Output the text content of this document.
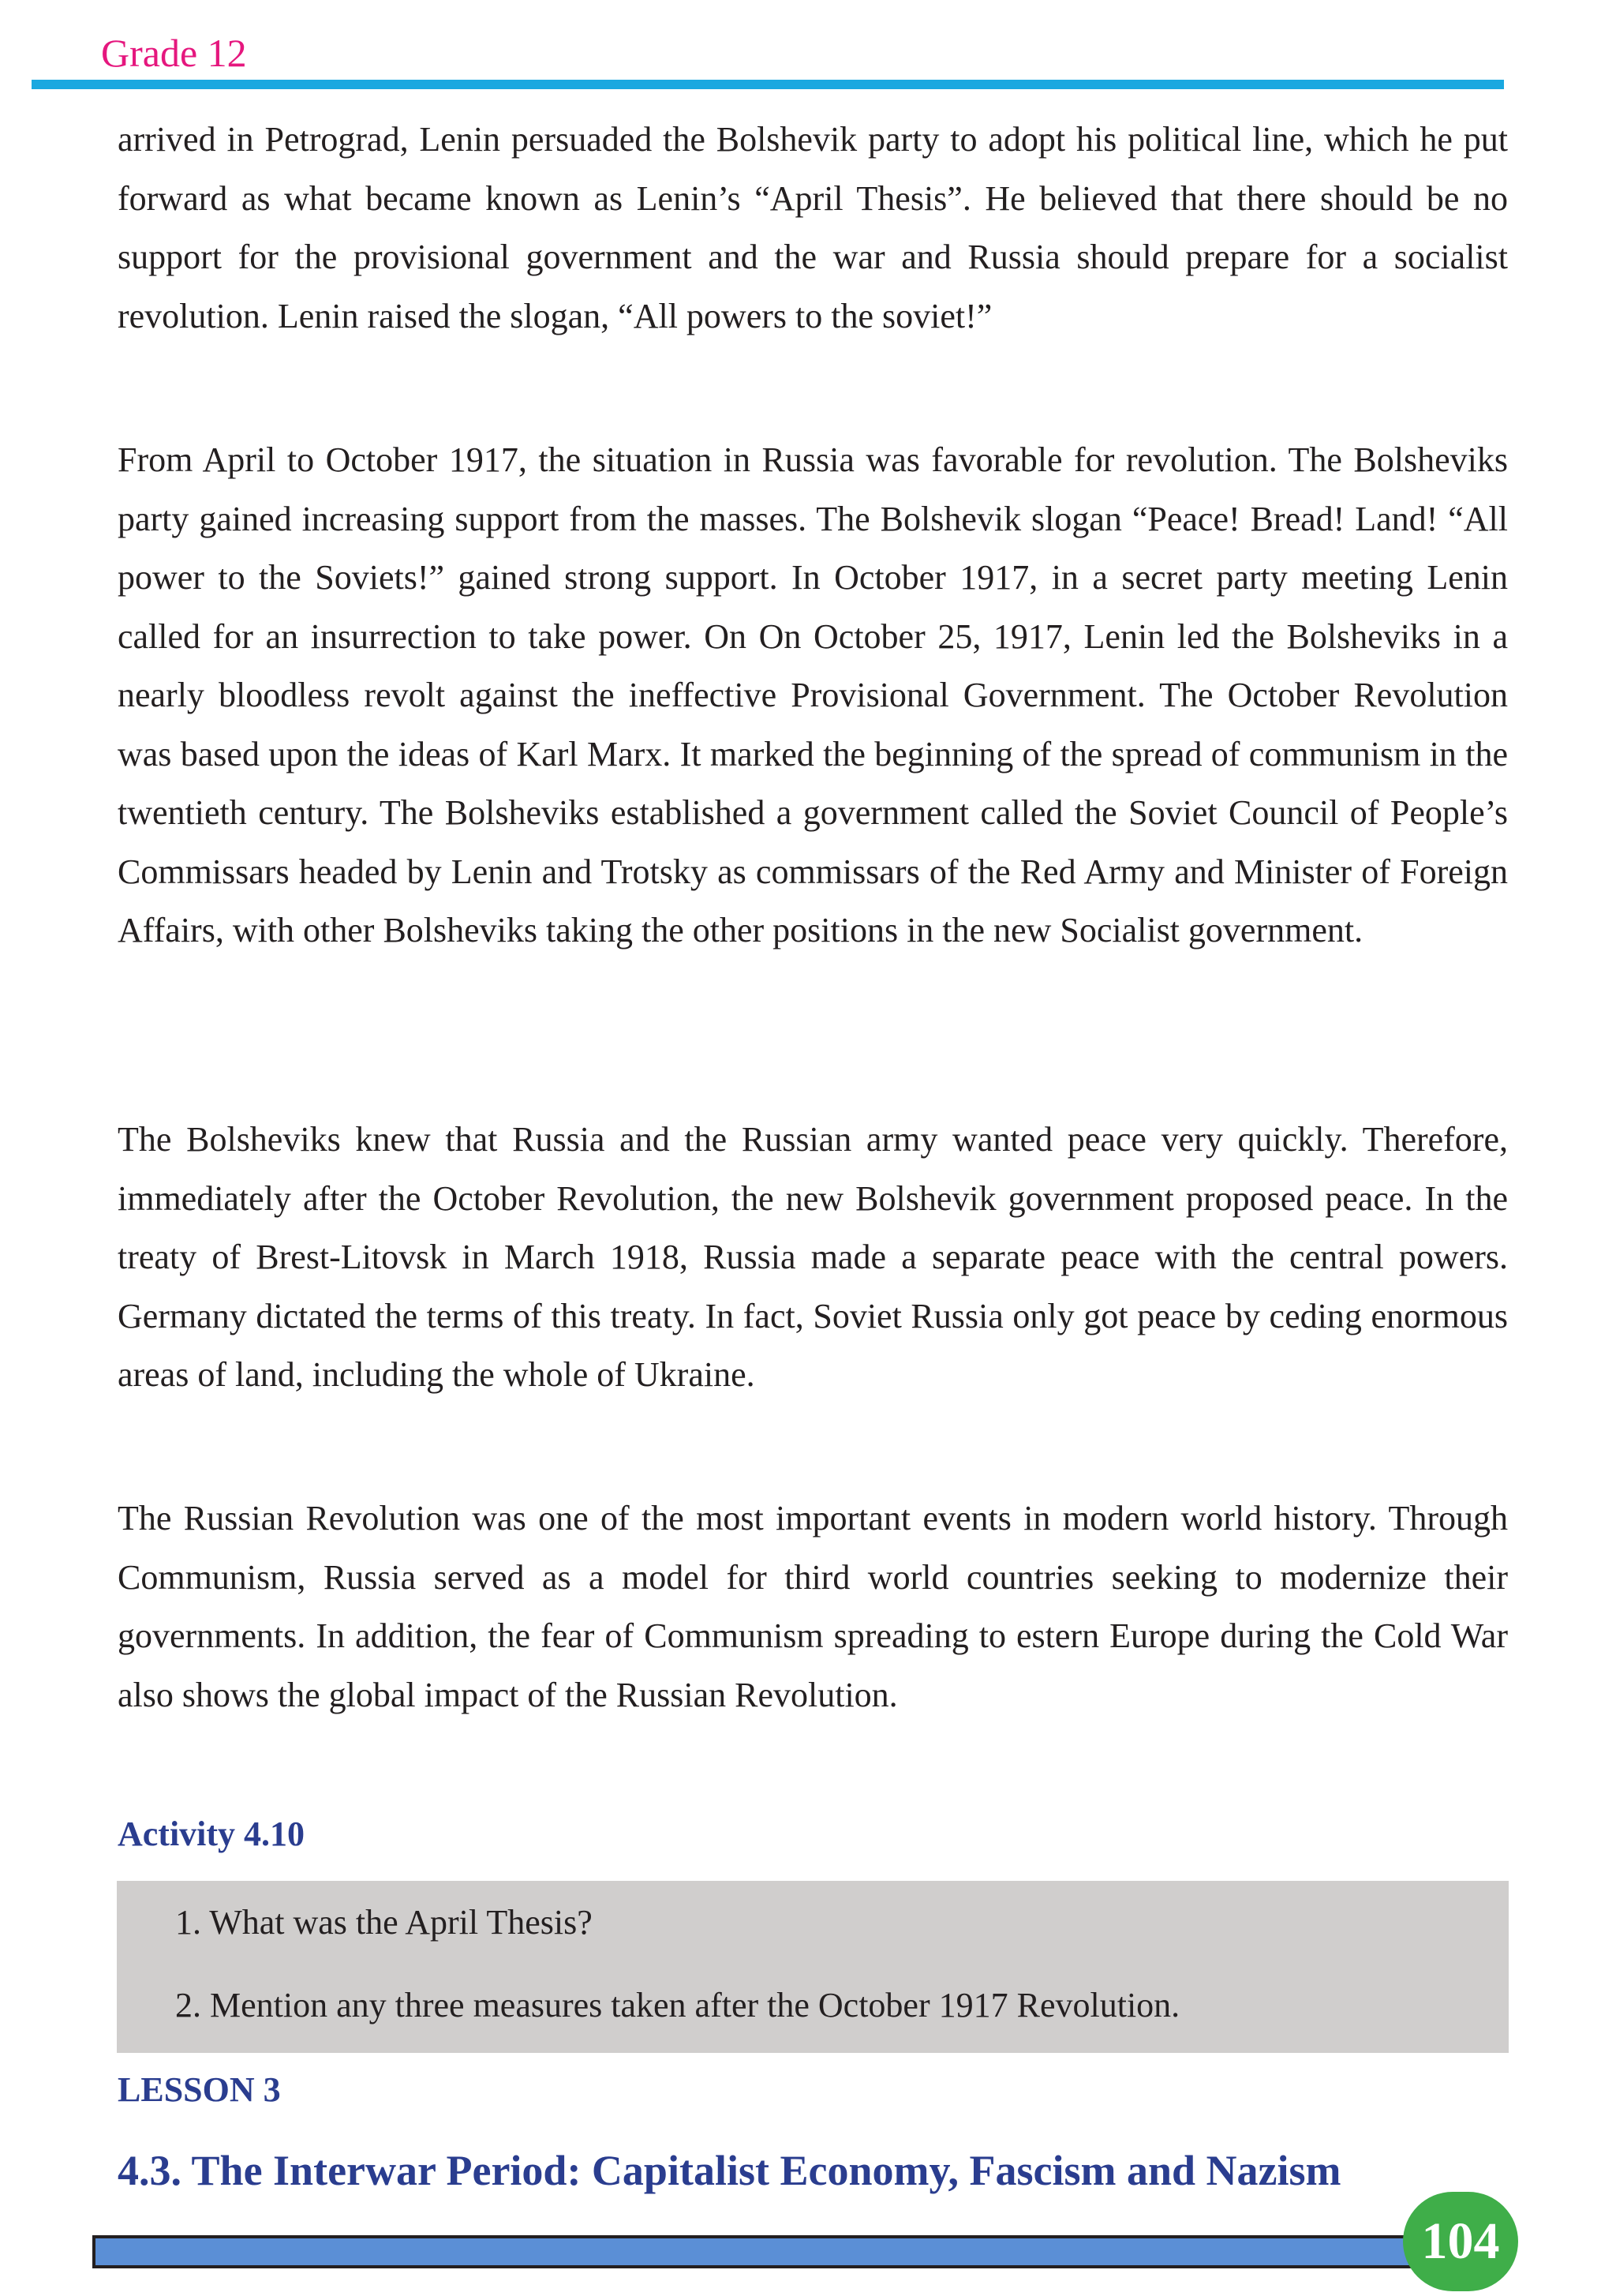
Grade 12

arrived in Petrograd, Lenin persuaded the Bolshevik party to adopt his political line, which he put forward as what became known as Lenin’s “April Thesis”. He believed that there should be no support for the provisional government and the war and Russia should prepare for a socialist revolution. Lenin raised the slogan, “All powers to the soviet!”

From April to October 1917, the situation in Russia was favorable for revolution. The Bolsheviks party gained increasing support from the masses. The Bolshevik slogan “Peace! Bread! Land! “All power to the Soviets!” gained strong support. In October 1917, in a secret party meeting Lenin called for an insurrection to take power. On On October 25, 1917, Lenin led the Bolsheviks in a nearly bloodless revolt against the ineffective Provisional Government. The October Revolution was based upon the ideas of Karl Marx. It marked the beginning of the spread of communism in the twentieth century. The Bolsheviks established a government called the Soviet Council of People’s Commissars headed by Lenin and Trotsky as commissars of the Red Army and Minister of Foreign Affairs, with other Bolsheviks taking the other positions in the new Socialist government.

The Bolsheviks knew that Russia and the Russian army wanted peace very quickly. Therefore, immediately after the October Revolution, the new Bolshevik government proposed peace. In the treaty of Brest-Litovsk in March 1918, Russia made a separate peace with the central powers. Germany dictated the terms of this treaty. In fact, Soviet Russia only got peace by ceding enormous areas of land, including the whole of Ukraine.

The Russian Revolution was one of the most important events in modern world history. Through Communism, Russia served as a model for third world countries seeking to modernize their governments. In addition, the fear of Communism spreading to estern Europe during the Cold War also shows the global impact of the Russian Revolution.

Activity 4.10
1. What was the April Thesis?
2. Mention any three measures taken after the October 1917 Revolution.
LESSON 3
4.3. The Interwar Period: Capitalist Economy, Fascism and Nazism
104
